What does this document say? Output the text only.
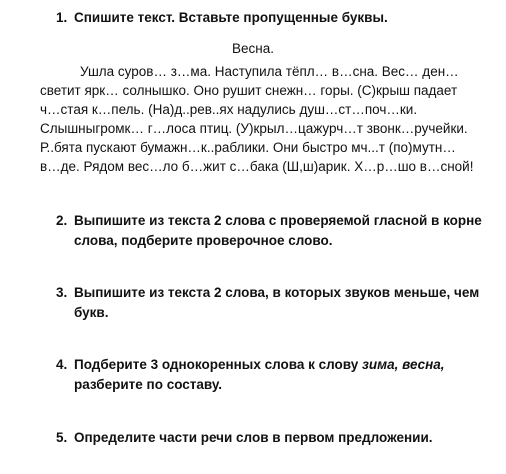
1. Спишите текст. Вставьте пропущенные буквы.
Весна.
Ушла суров… з…ма. Наступила тёпл… в…сна. Вес… ден…
светит ярк… солнышко. Оно рушит снежн… горы. (С)крыш падает
ч…стая к…пель. (На)д..рев..ях надулись душ…ст…поч…ки.
Слышныгромк… г…лоса птиц. (У)крыл…цажурч…т звонк…ручейки.
Р..бята пускают бумажн…к..раблики. Они быстро мч...т (по)мутн…
в…де. Рядом вес…ло б…жит с…бака (Ш,ш)арик. Х…р…шо в…сной!
2. Выпишите из текста 2 слова с проверяемой гласной в корне
слова, подберите проверочное слово.
3. Выпишите из текста 2 слова, в которых звуков меньше, чем
букв.
4. Подберите 3 однокоренных слова к слову зима, весна,
разберите по составу.
5. Определите части речи слов в первом предложении.
